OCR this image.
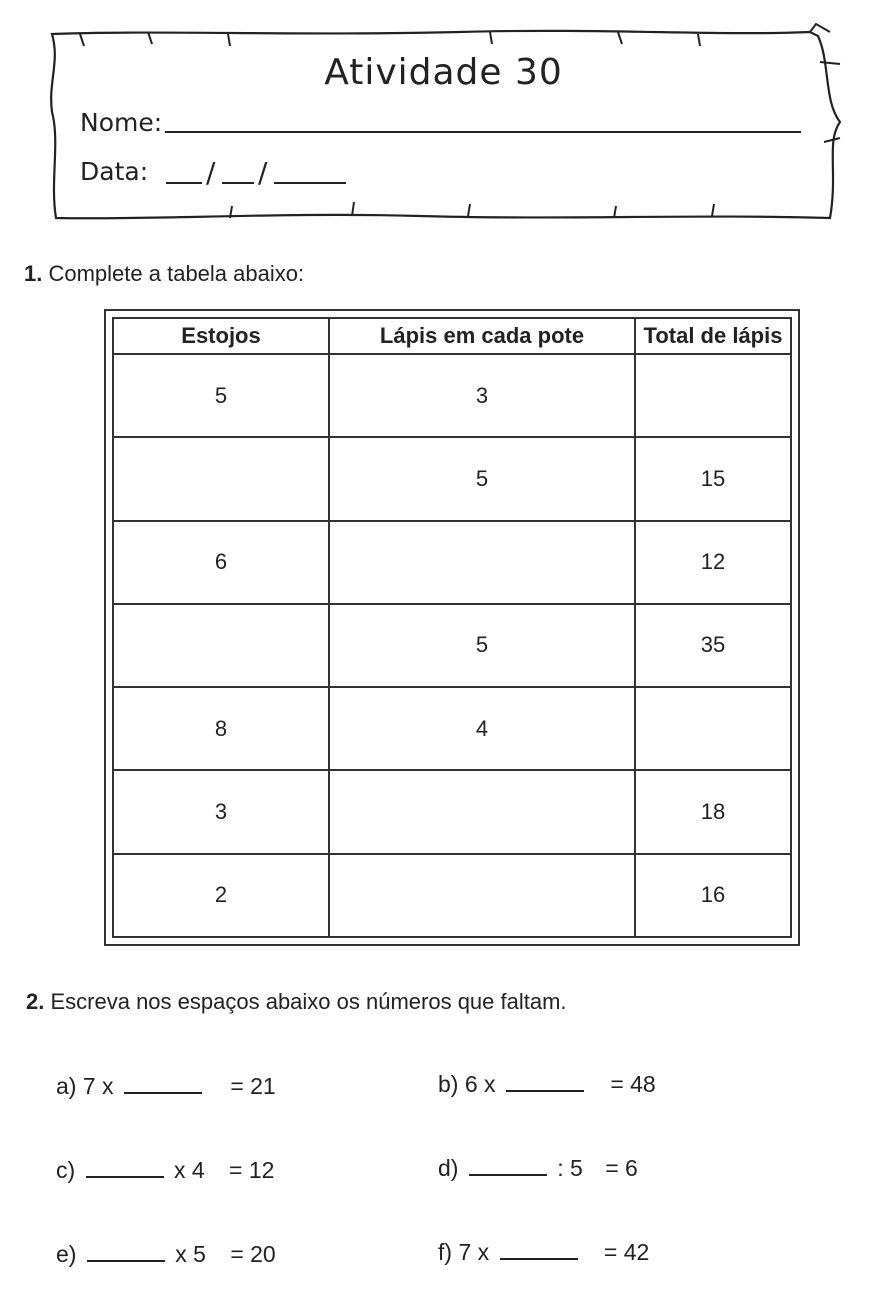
Atividade 30
Nome:
Data: / /
1. Complete a tabela abaixo:
Estojos	Lápis em cada pote	Total de lápis
5	3	
	5	15
6		12
	5	35
8	4	
3		18
2		16
2. Escreva nos espaços abaixo os números que faltam.
a) 7 x	= 21	b) 6 x	= 48
c)	x 4 = 12	d)	: 5 = 6
e)	x 5 = 20	f) 7 x	= 42
